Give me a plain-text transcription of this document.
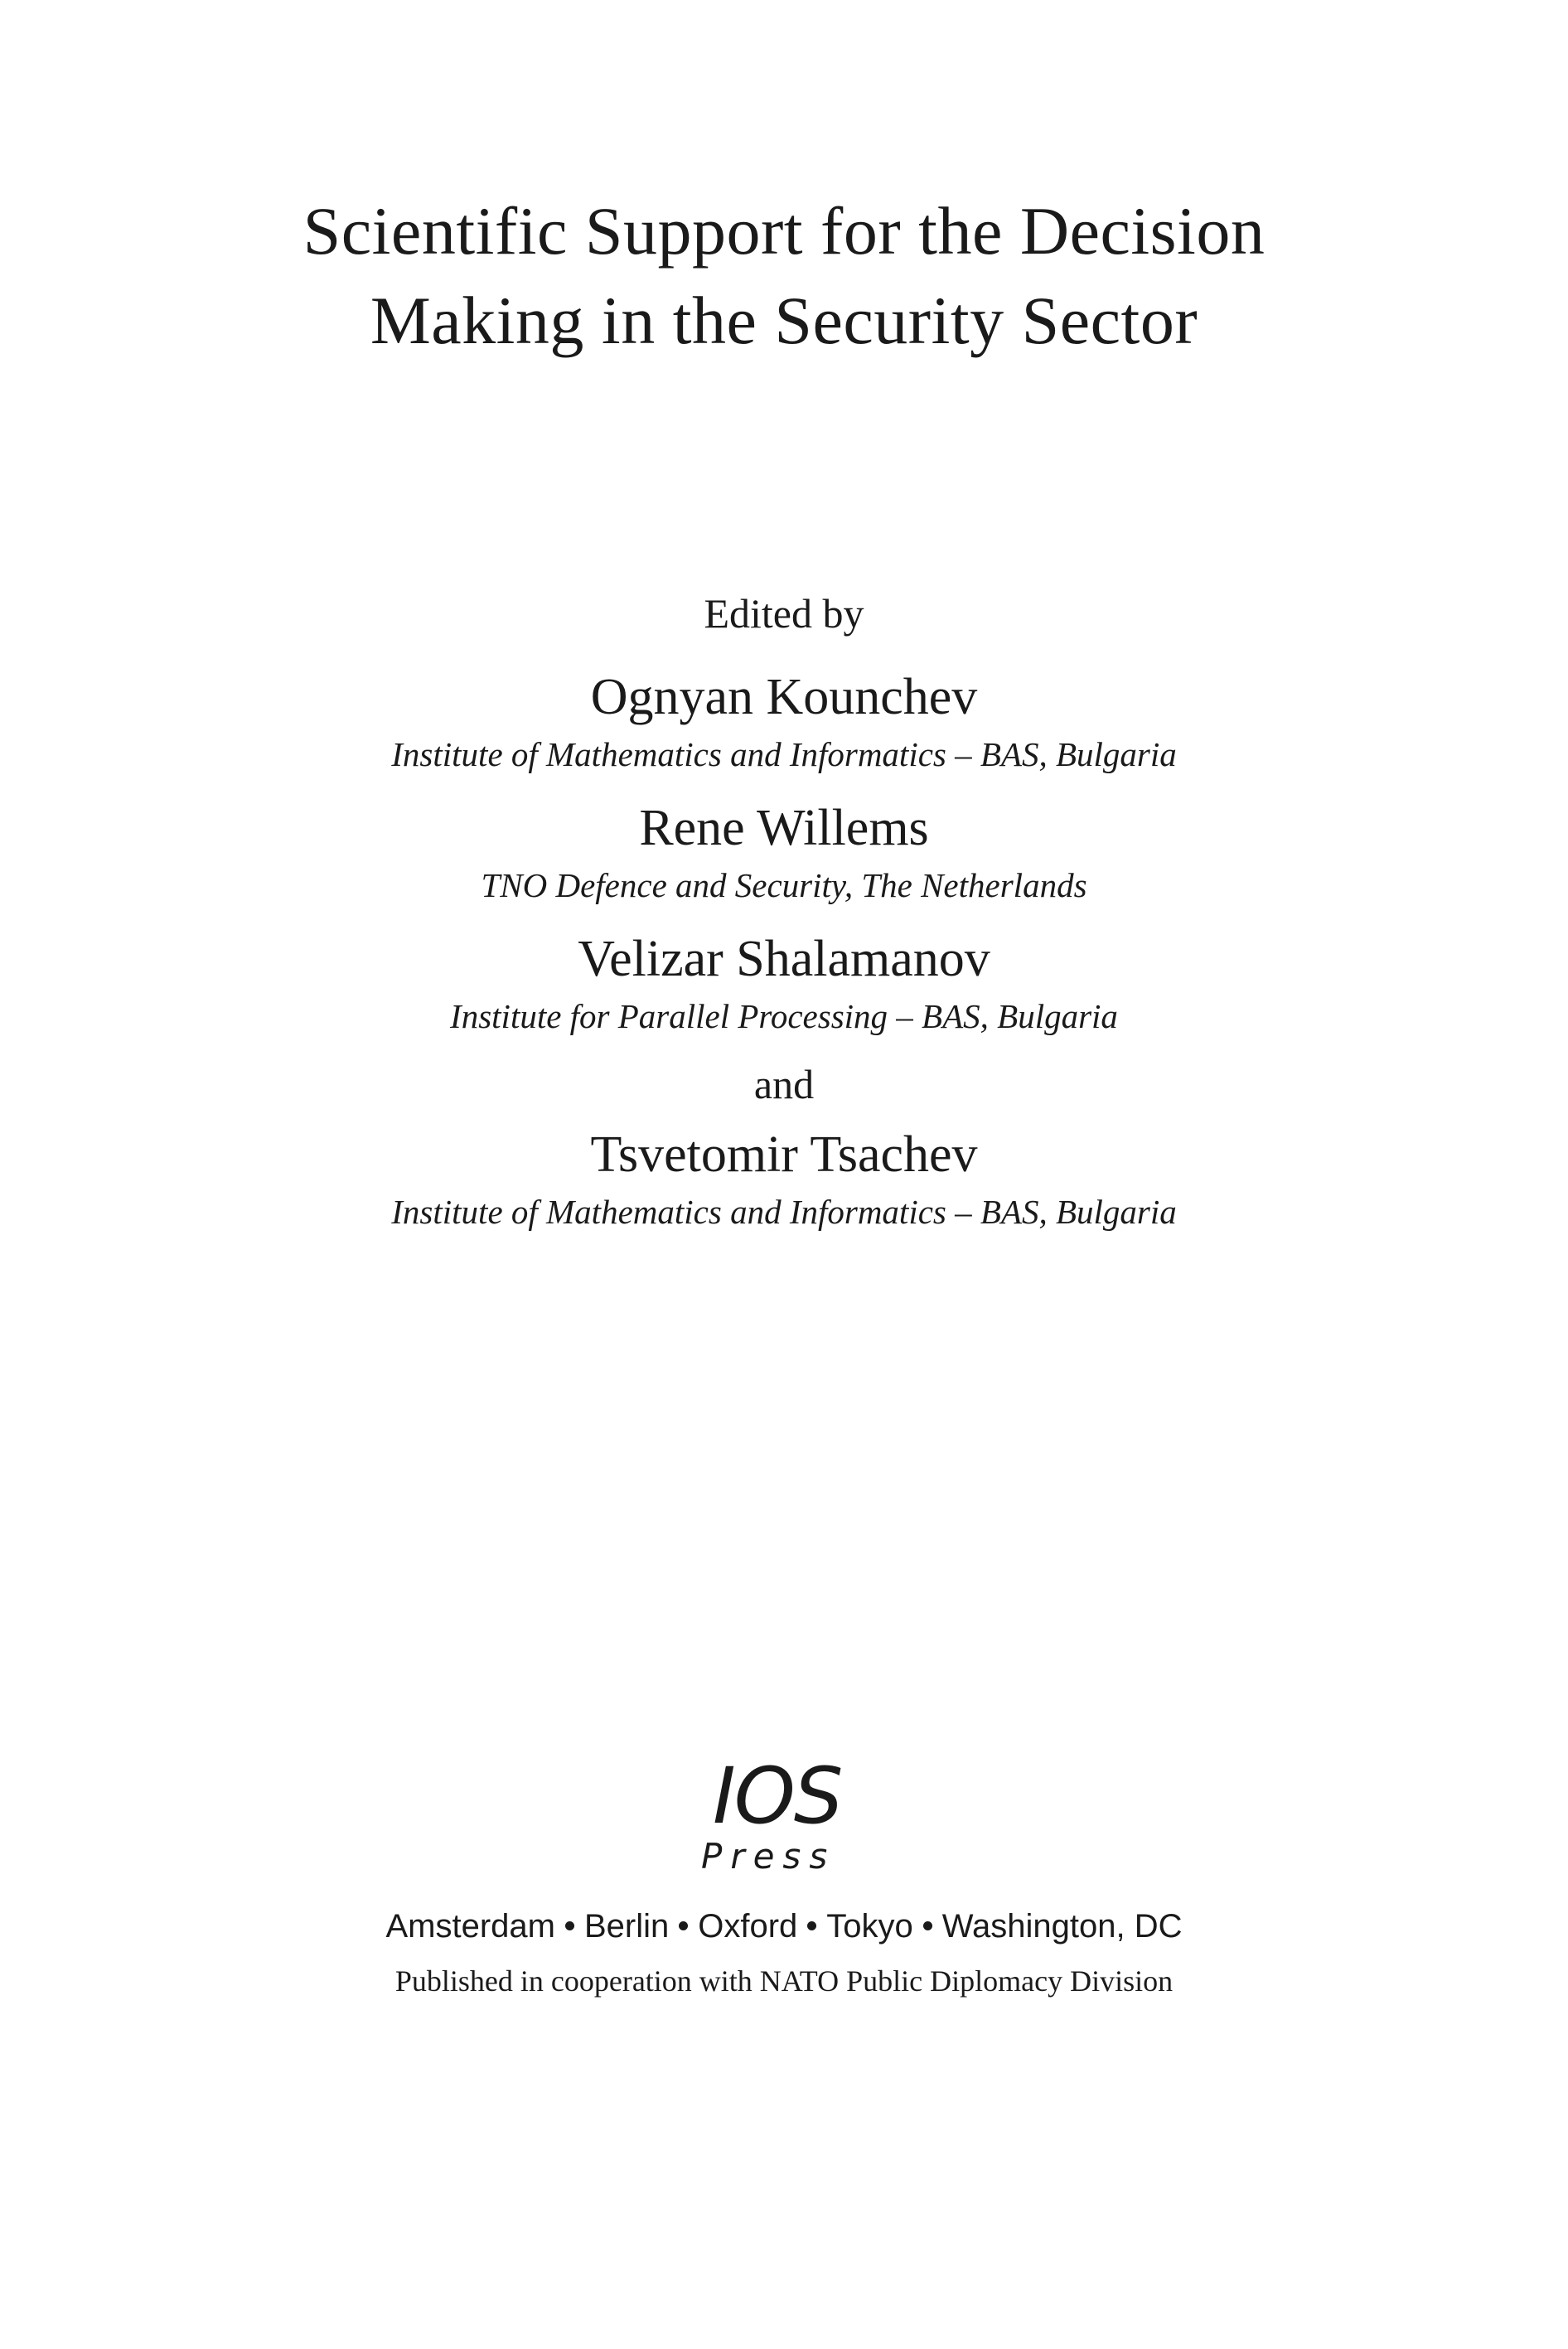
Scientific Support for the Decision
Making in the Security Sector
Edited by
Ognyan Kounchev
Institute of Mathematics and Informatics – BAS, Bulgaria
Rene Willems
TNO Defence and Security, The Netherlands
Velizar Shalamanov
Institute for Parallel Processing – BAS, Bulgaria
and
Tsvetomir Tsachev
Institute of Mathematics and Informatics – BAS, Bulgaria
IOS
Press
Amsterdam Berlin Oxford Tokyo Washington, DC
Published in cooperation with NATO Public Diplomacy Division
